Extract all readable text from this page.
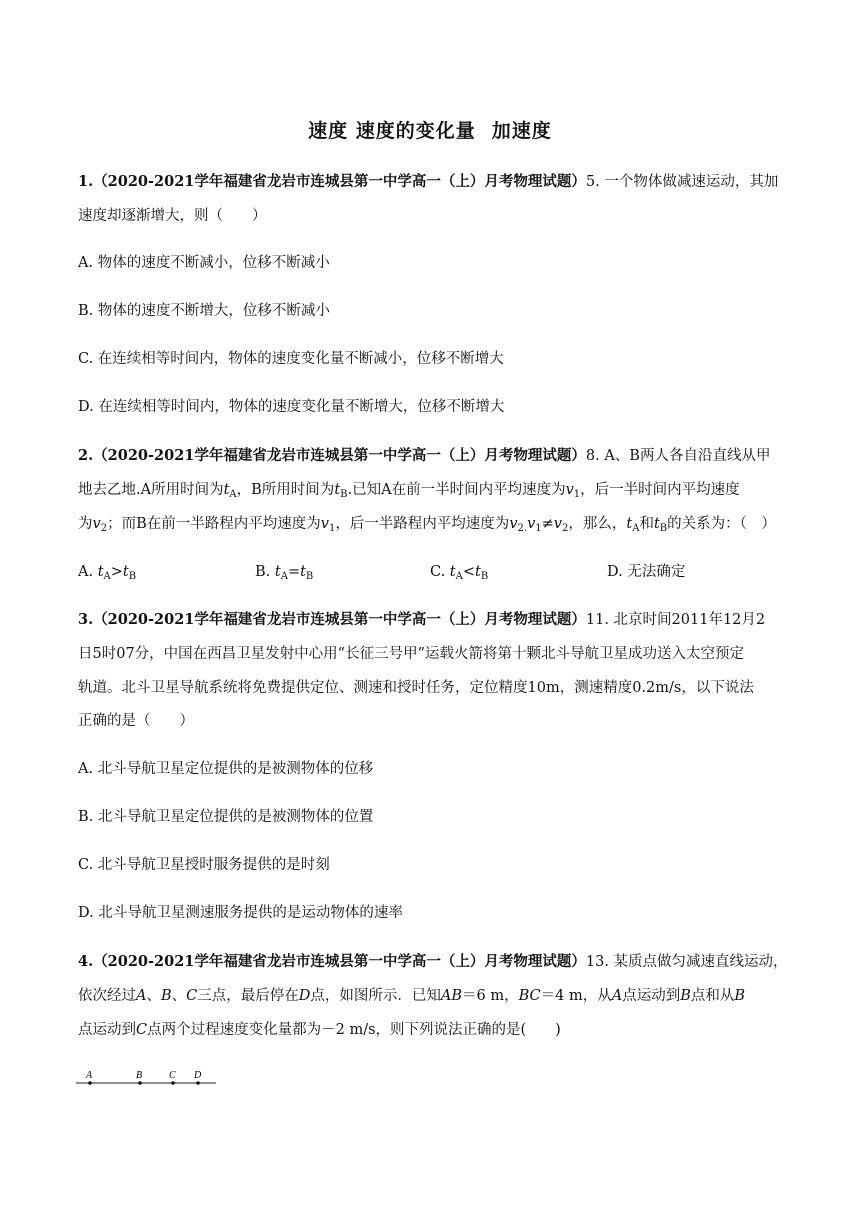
速度 速度的变化量 加速度
1.（2020-2021学年福建省龙岩市连城县第一中学高一（上）月考物理试题）5. 一个物体做减速运动，其加
速度却逐渐增大，则（　　）
A. 物体的速度不断减小，位移不断减小
B. 物体的速度不断增大，位移不断减小
C. 在连续相等时间内，物体的速度变化量不断减小，位移不断增大
D. 在连续相等时间内，物体的速度变化量不断增大，位移不断增大
2.（2020-2021学年福建省龙岩市连城县第一中学高一（上）月考物理试题）8. A、B两人各自沿直线从甲
地去乙地.A所用时间为$t_A$，B所用时间为$t_B$.已知A在前一半时间内平均速度为$v_1$，后一半时间内平均速度
为$v_2$；而B在前一半路程内平均速度为$v_1$，后一半路程内平均速度为$v_{2.}v_1\ne v_2$，那么，$t_A$和$t_B$的关系为：（　）
A. $t_A>t_B$	B. $t_A=t_B$	C. $t_A<t_B$	D. 无法确定
3.（2020-2021学年福建省龙岩市连城县第一中学高一（上）月考物理试题）11. 北京时间2011年12月2
日5时07分，中国在西昌卫星发射中心用“长征三号甲”运载火箭将第十颗北斗导航卫星成功送入太空预定
轨道。北斗卫星导航系统将免费提供定位、测速和授时任务，定位精度10m，测速精度0.2m/s，以下说法
正确的是（　　）
A. 北斗导航卫星定位提供的是被测物体的位移
B. 北斗导航卫星定位提供的是被测物体的位置
C. 北斗导航卫星授时服务提供的是时刻
D. 北斗导航卫星测速服务提供的是运动物体的速率
4.（2020-2021学年福建省龙岩市连城县第一中学高一（上）月考物理试题）13. 某质点做匀减速直线运动，
依次经过A、B、C三点，最后停在D点，如图所示．已知AB＝6 m，BC＝4 m，从A点运动到B点和从B
点运动到C点两个过程速度变化量都为－2 m/s，则下列说法正确的是(　　)
A	B	C D
